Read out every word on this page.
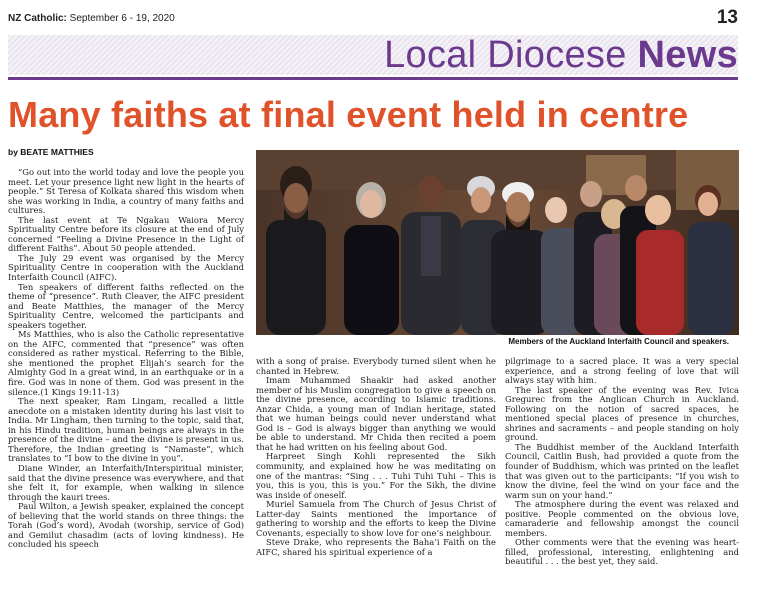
NZ Catholic: September 6 - 19, 2020	13
Local Diocese News
Many faiths at final event held in centre
by BEATE MATTHIES

“Go out into the world today and love the people you meet. Let your presence light new light in the hearts of people.” St Teresa of Kolkata shared this wisdom when she was working in India, a country of many faiths and cultures.

The last event at Te Ngakau Waiora Mercy Spirituality Centre before its closure at the end of July concerned “Feeling a Divine Presence in the Light of different Faiths”. About 50 people attended.

The July 29 event was organised by the Mercy Spirituality Centre in cooperation with the Auckland Interfaith Council (AIFC).

Ten speakers of different faiths reflected on the theme of “presence”. Ruth Cleaver, the AIFC president and Beate Matthies, the manager of the Mercy Spirituality Centre, welcomed the participants and speakers together.

Ms Matthies, who is also the Catholic representative on the AIFC, commented that “presence” was often considered as rather mystical. Referring to the Bible, she mentioned the prophet Elijah’s search for the Almighty God in a great wind, in an earthquake or in a fire. God was in none of them. God was present in the silence.(1 Kings 19:11-13)

The next speaker, Ram Lingam, recalled a little anecdote on a mistaken identity during his last visit to India. Mr Lingham, then turning to the topic, said that, in his Hindu tradition, human beings are always in the presence of the divine – and the divine is present in us. Therefore, the Indian greeting is “Namaste”, which translates to “I bow to the divine in you”.

Diane Winder, an Interfaith/Interspiritual minister, said that the divine presence was everywhere, and that she felt it, for example, when walking in silence through the kauri trees.

Paul Wilton, a Jewish speaker, explained the concept of believing that the world stands on three things: the Torah (God’s word), Avodah (worship, service of God) and Gemilut chasadim (acts of loving kindness). He concluded his speech

Members of the Auckland Interfaith Council and speakers.

with a song of praise. Everybody turned silent when he chanted in Hebrew.

Imam Muhammed Shaakir had asked another member of his Muslim congregation to give a speech on the divine presence, according to Islamic traditions. Anzar Chida, a young man of Indian heritage, stated that we human beings could never understand what God is – God is always bigger than anything we would be able to understand. Mr Chida then recited a poem that he had written on his feeling about God.

Harpreet Singh Kohli represented the Sikh community, and explained how he was meditating on one of the mantras: “Sing . . . Tuhi Tuhi Tuhi – This is you, this is you, this is you.” For the Sikh, the divine was inside of oneself.

Muriel Samuela from The Church of Jesus Christ of Latter-day Saints mentioned the importance of gathering to worship and the efforts to keep the Divine Covenants, especially to show love for one’s neighbour.

Steve Drake, who represents the Baha’i Faith on the AIFC, shared his spiritual experience of a

pilgrimage to a sacred place. It was a very special experience, and a strong feeling of love that will always stay with him.

The last speaker of the evening was Rev. Ivica Gregurec from the Anglican Church in Auckland. Following on the notion of sacred spaces, he mentioned special places of presence in churches, shrines and sacraments – and people standing on holy ground.

The Buddhist member of the Auckland Interfaith Council, Caitlin Bush, had provided a quote from the founder of Buddhism, which was printed on the leaflet that was given out to the participants: “If you wish to know the divine, feel the wind on your face and the warm sun on your hand.”

The atmosphere during the event was relaxed and positive. People commented on the obvious love, camaraderie and fellowship amongst the council members.

Other comments were that the evening was heart-filled, professional, interesting, enlightening and beautiful . . . the best yet, they said.
